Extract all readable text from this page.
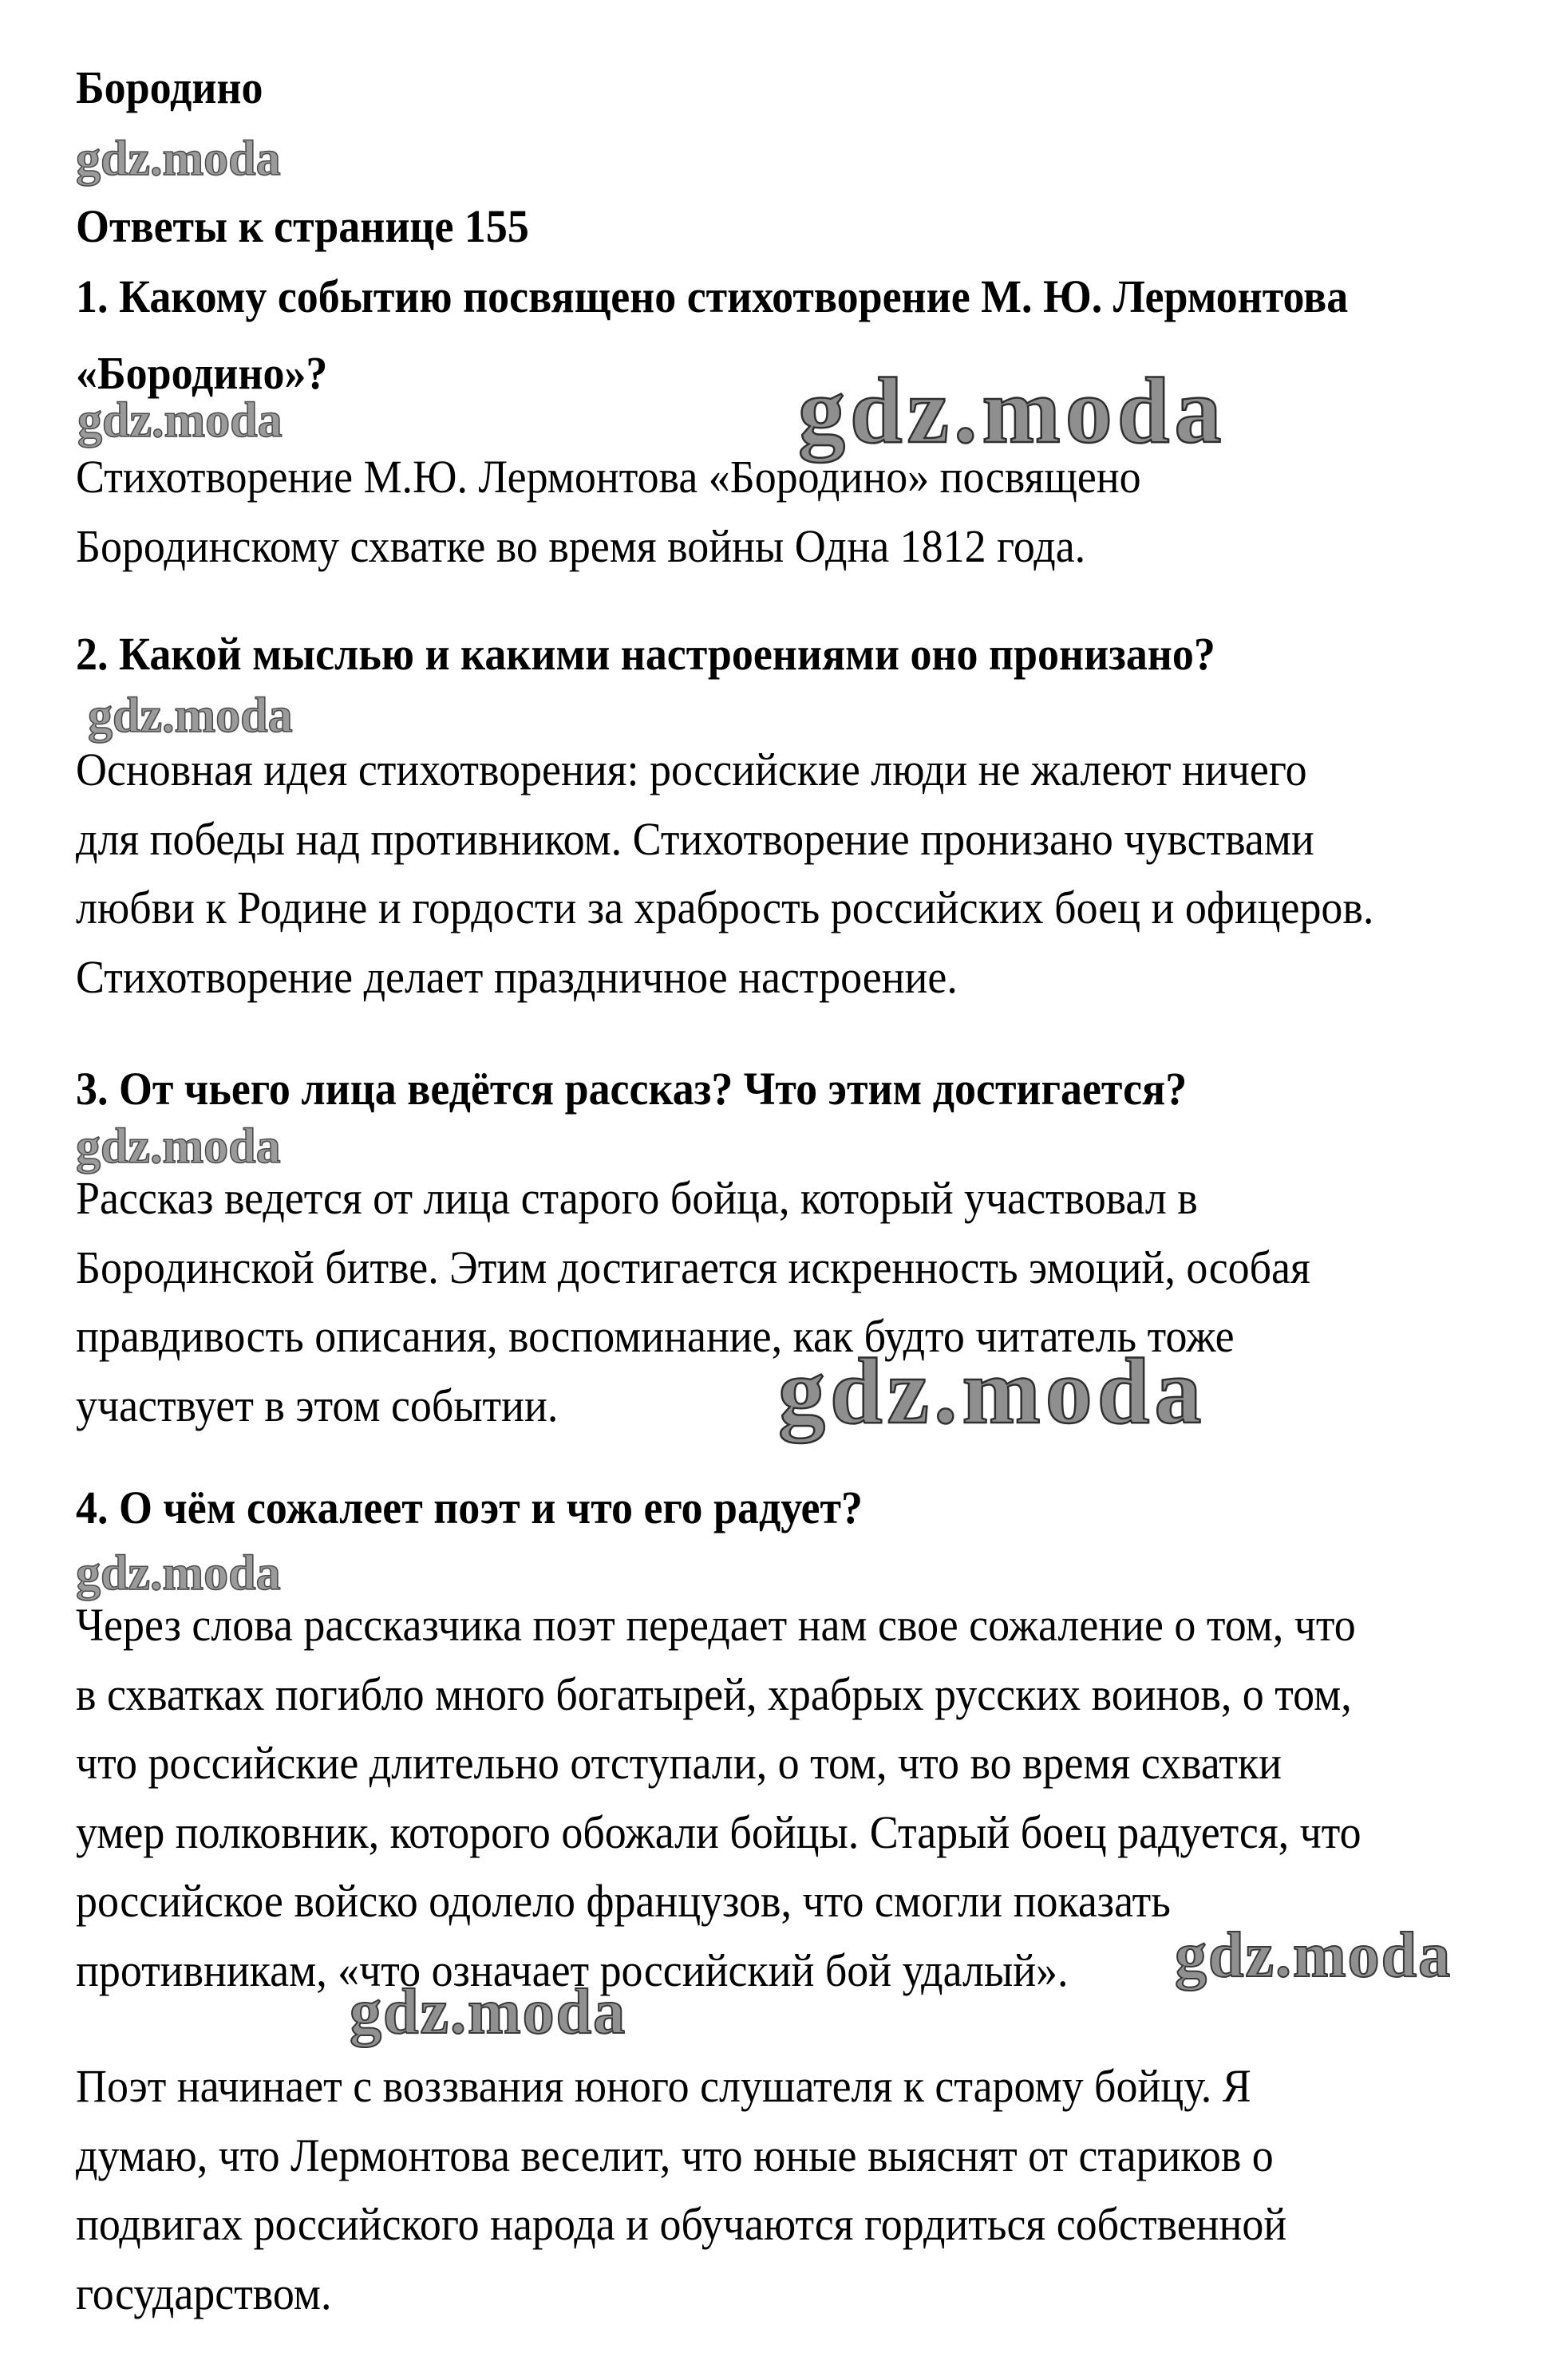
Бородино
gdz.moda
Ответы к странице 155
1. Какому событию посвящено стихотворение М. Ю. Лермонтова
«Бородино»?
gdz.moda	gdz.moda
Стихотворение М.Ю. Лермонтова «Бородино» посвящено
Бородинскому схватке во время войны Одна 1812 года.
2. Какой мыслью и какими настроениями оно пронизано?
gdz.moda
Основная идея стихотворения: российские люди не жалеют ничего
для победы над противником. Стихотворение пронизано чувствами
любви к Родине и гордости за храбрость российских боец и офицеров.
Стихотворение делает праздничное настроение.
3. От чьего лица ведётся рассказ? Что этим достигается?
gdz.moda
Рассказ ведется от лица старого бойца, который участвовал в
Бородинской битве. Этим достигается искренность эмоций, особая
правдивость описания, воспоминание, как будто читатель тоже
участвует в этом событии.	gdz.moda
4. О чём сожалеет поэт и что его радует?
gdz.moda
Через слова рассказчика поэт передает нам свое сожаление о том, что
в схватках погибло много богатырей, храбрых русских воинов, о том,
что российские длительно отступали, о том, что во время схватки
умер полковник, которого обожали бойцы. Старый боец радуется, что
российское войско одолело французов, что смогли показать
противникам, «что означает российский бой удалый».	gdz.moda
gdz.moda
Поэт начинает с воззвания юного слушателя к старому бойцу. Я
думаю, что Лермонтова веселит, что юные выяснят от стариков о
подвигах российского народа и обучаются гордиться собственной
государством.
